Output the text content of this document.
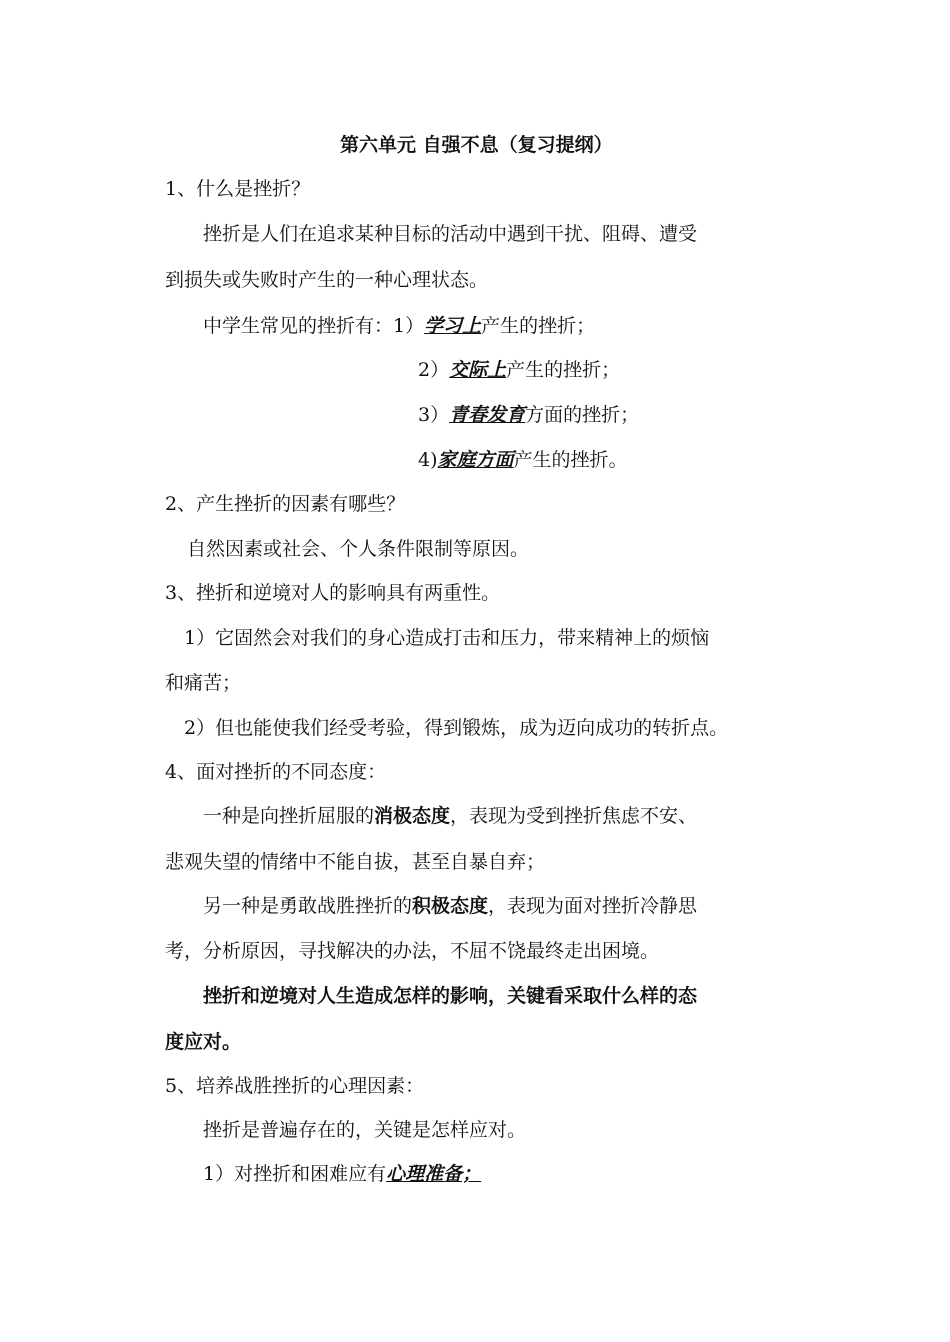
第六单元 自强不息（复习提纲）
1、什么是挫折？
挫折是人们在追求某种目标的活动中遇到干扰、阻碍、遭受
到损失或失败时产生的一种心理状态。
中学生常见的挫折有：1）学习上产生的挫折；
2）交际上产生的挫折；
3）青春发育方面的挫折；
4)家庭方面产生的挫折。
2、产生挫折的因素有哪些？
自然因素或社会、个人条件限制等原因。
3、挫折和逆境对人的影响具有两重性。
1）它固然会对我们的身心造成打击和压力，带来精神上的烦恼
和痛苦；
2）但也能使我们经受考验，得到锻炼，成为迈向成功的转折点。
4、面对挫折的不同态度：
一种是向挫折屈服的消极态度，表现为受到挫折焦虑不安、
悲观失望的情绪中不能自拔，甚至自暴自弃；
另一种是勇敢战胜挫折的积极态度，表现为面对挫折冷静思
考，分析原因，寻找解决的办法，不屈不饶最终走出困境。
挫折和逆境对人生造成怎样的影响，关键看采取什么样的态
度应对。
5、培养战胜挫折的心理因素：
挫折是普遍存在的，关键是怎样应对。
1）对挫折和困难应有心理准备；
